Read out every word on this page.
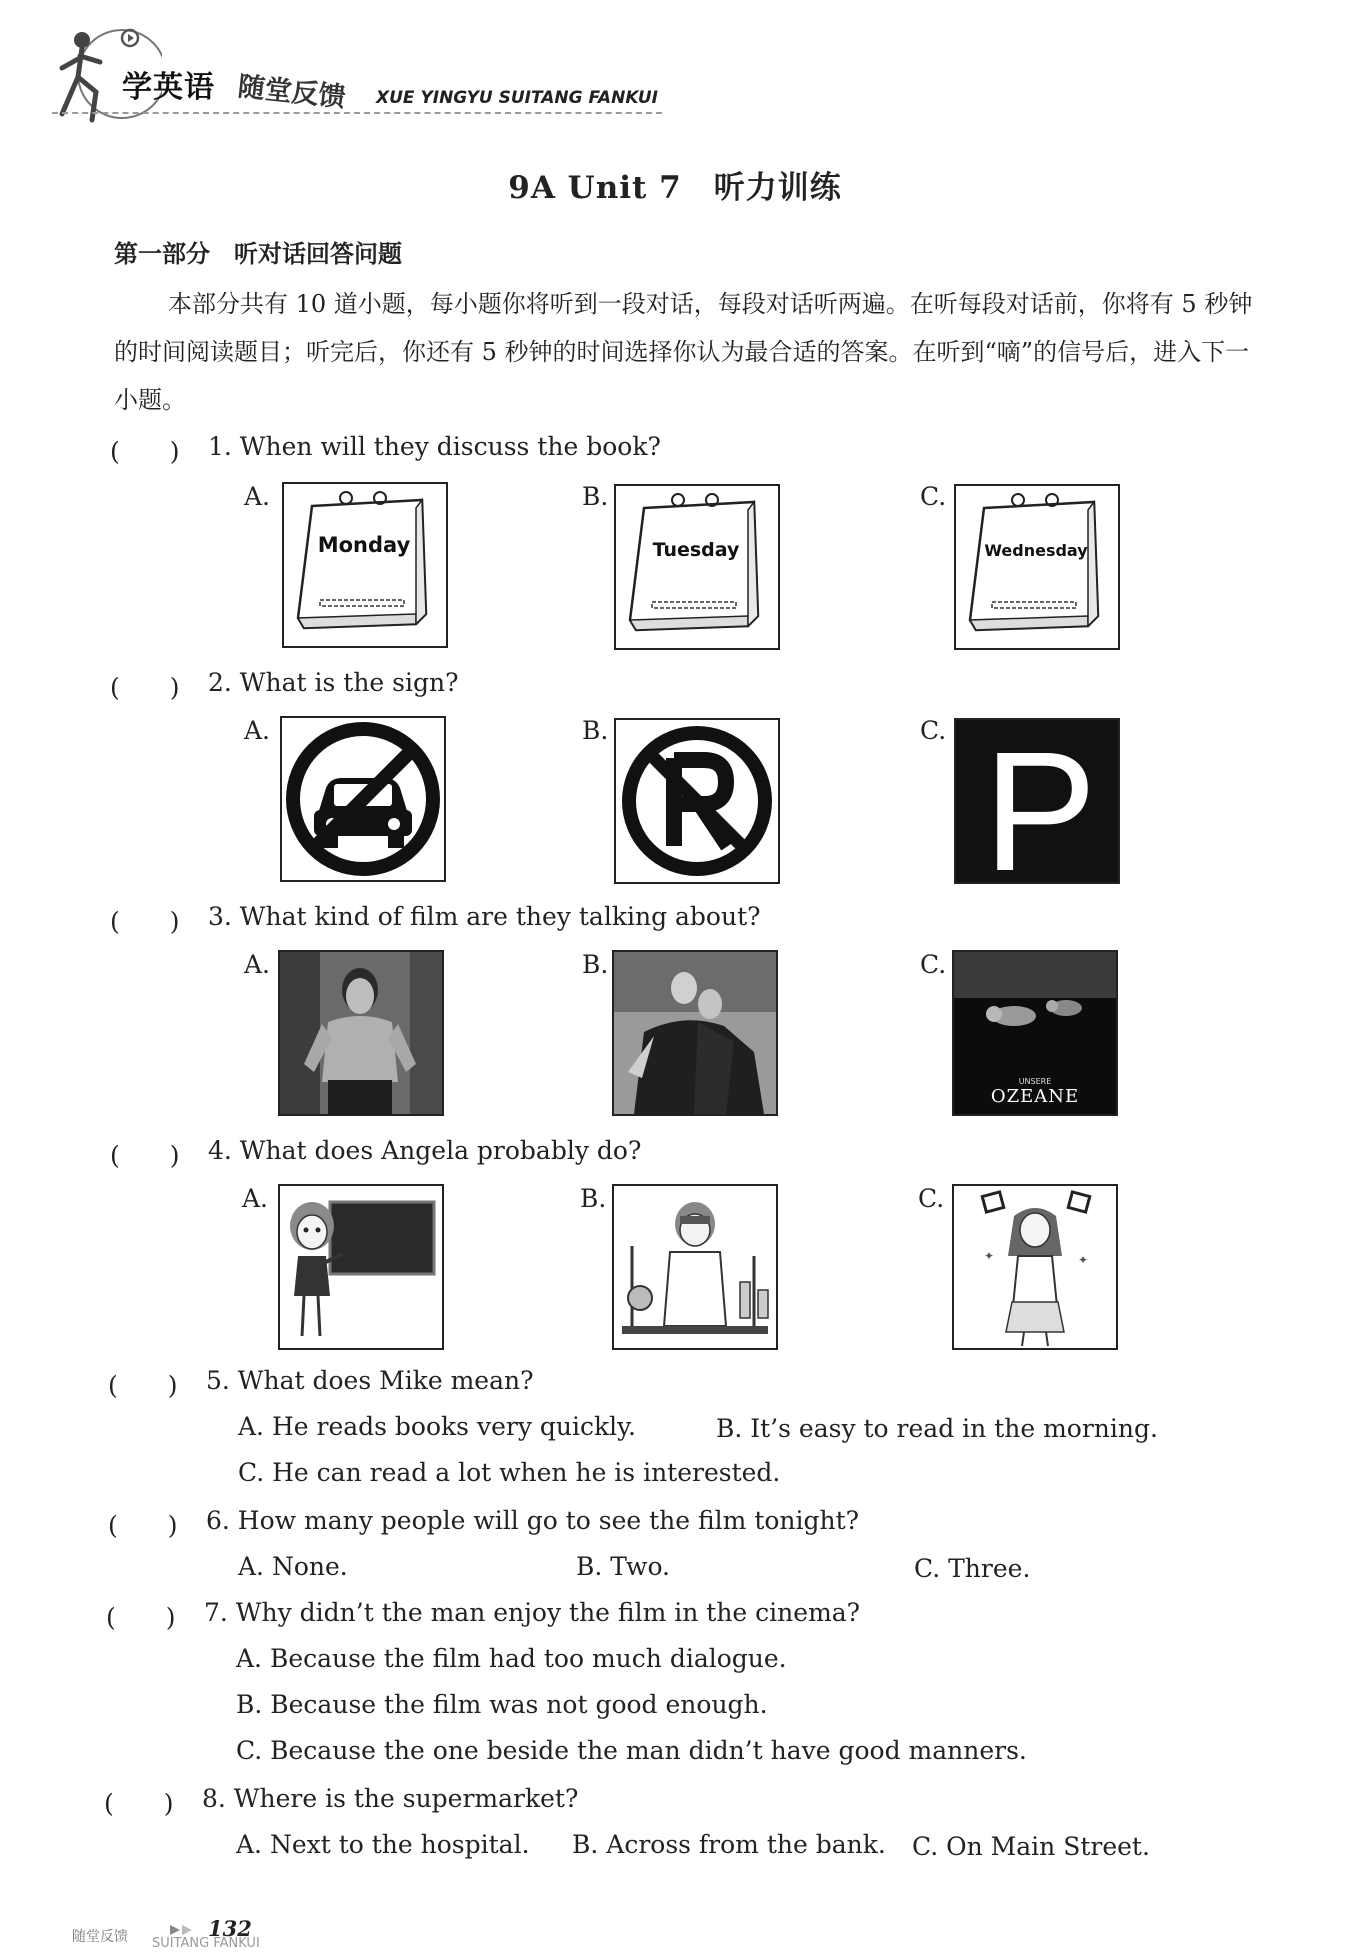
学英语 随堂反馈 XUE YINGYU SUITANG FANKUI
9A Unit 7　听力训练
第一部分　听对话回答问题
本部分共有 10 道小题，每小题你将听到一段对话，每段对话听两遍。在听每段对话前，你将有 5 秒钟的时间阅读题目；听完后，你还有 5 秒钟的时间选择你认为最合适的答案。在听到“嘀”的信号后，进入下一小题。
(　　) 1. When will they discuss the book?
A.	B.	C.
Monday	Tuesday	Wednesday
(　　) 2. What is the sign?
A.	B.	C. P
(　　) 3. What kind of film are they talking about?
A.	B.	C.
UNSERE
OZEANE
(　　) 4. What does Angela probably do?
A.	B.	C.
✦	✦
(　　) 5. What does Mike mean?
A. He reads books very quickly.	B. It’s easy to read in the morning.
C. He can read a lot when he is interested.
(　　) 6. How many people will go to see the film tonight?
A. None.	B. Two.	C. Three.
(　　) 7. Why didn’t the man enjoy the film in the cinema?
A. Because the film had too much dialogue.
B. Because the film was not good enough.
C. Because the one beside the man didn’t have good manners.
(　　) 8. Where is the supermarket?
A. Next to the hospital. B. Across from the bank. C. On Main Street.
132
随堂反馈 SUITANG FANKUI
